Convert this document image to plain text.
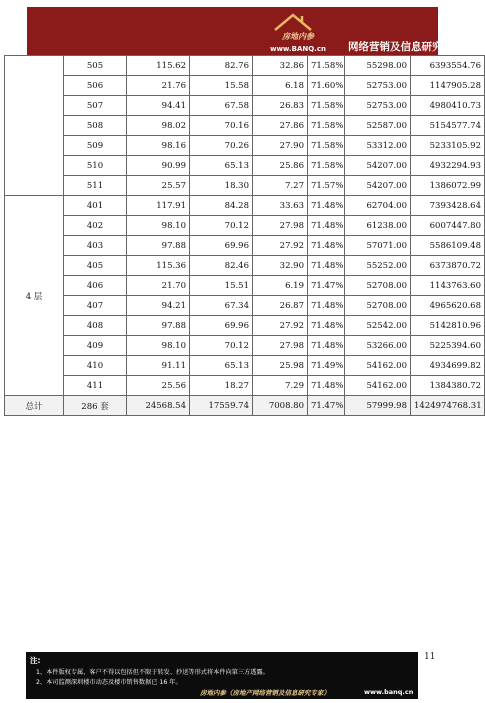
房地内参
www.BANQ.cn 网络营销及信息研究专家
	505	115.62	82.76	32.86	71.58%	55298.00	6393554.76
	506	21.76	15.58	6.18	71.60%	52753.00	1147905.28
	507	94.41	67.58	26.83	71.58%	52753.00	4980410.73
	508	98.02	70.16	27.86	71.58%	52587.00	5154577.74
	509	98.16	70.26	27.90	71.58%	53312.00	5233105.92
	510	90.99	65.13	25.86	71.58%	54207.00	4932294.93
	511	25.57	18.30	7.27	71.57%	54207.00	1386072.99
4 层	401	117.91	84.28	33.63	71.48%	62704.00	7393428.64
	402	98.10	70.12	27.98	71.48%	61238.00	6007447.80
	403	97.88	69.96	27.92	71.48%	57071.00	5586109.48
	405	115.36	82.46	32.90	71.48%	55252.00	6373870.72
	406	21.70	15.51	6.19	71.47%	52708.00	1143763.60
	407	94.21	67.34	26.87	71.48%	52708.00	4965620.68
	408	97.88	69.96	27.92	71.48%	52542.00	5142810.96
	409	98.10	70.12	27.98	71.48%	53266.00	5225394.60
	410	91.11	65.13	25.98	71.49%	54162.00	4934699.82
	411	25.56	18.27	7.29	71.48%	54162.00	1384380.72
总计	286 套	24568.54	17559.74	7008.80	71.47%	57999.98	1424974768.31
11
注:
1、本件版权专属，客户不得以包括但不限于转发、抄送等形式将本件向第三方透露。
2、本司监测深圳楼市动态及楼市销售数据已 16 年。
房地内参（房地产网络营销及信息研究专家）	www.banq.cn
